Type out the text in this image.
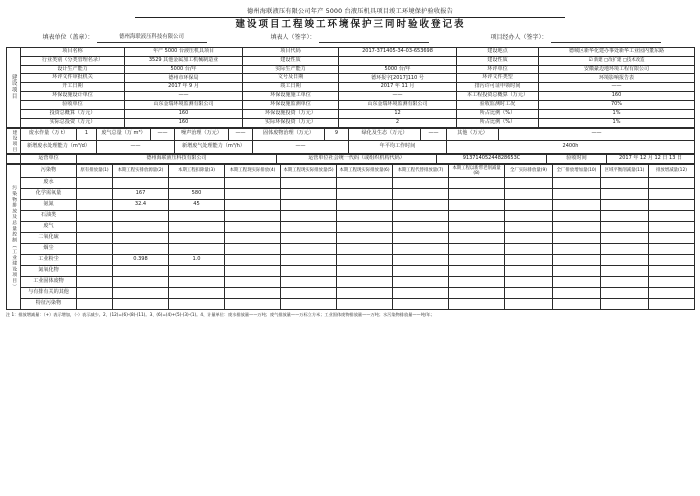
德州海联液压有限公司年产 5000 台液压机具项目竣工环境保护验收报告
建设项目工程竣工环境保护三同时验收登记表						

填表单位（盖章）： 德州海联液压科技有限公司			填表人（签字）：		项目经办人（签字）：	

建设项目	项目名称	年产 5000 台液压机具项目	项目代码	2017-371405-34-03-653698	建设地点	德城区新华化建办事处新华工业园内董东路
	行业类别（分类管理名录）	3529 其他金属加工机械制造业	建设性质		建设性质	☑ 新建 □改扩建 □技术改造
	设计生产能力	5000 台/年	实际生产能力	5000 台/年	环评单位	安徽豪迈地环境工程有限公司
	环评文件审批机关	德州市环保局	文号及日期	德环报字[2017]110 号	环评文件类型	环境影响报告表
	开工日期	2017 年 9 月	竣工日期	2017 年 11 月	排污许可证申领时间	——
	环保设施设计单位	——	环保设施施工单位	——	本工程投资总概算（万元）	160
	验收单位	山东金瑞环境监测有限公司	环保设施监测单位	山东金瑞环境监测有限公司	验收监测时工况	70%
	投资总概算（万元）	160	环保设施投资（万元）	12	所占比例（%）	1%
	实际总投资（万元）	160	实际环保投资（万元）	2	所占比例（%）	1%
建设项目	废水作量（万 t）	1	废气总量（万 m³）	——	噪声治理（万元）	——	固体废物治理（万元）	9	绿化及生态（万元）	——	其他（万元）	——
	新增废水处理能力（m³/d）		——		新增废气处理能力（m³/h）		——		年平均工作时间		2400h	
	运营单位	德州海联液压科技有限公司	运营单位社会统一代码（或组织机构代码）	91371405244828653C	验收时间	2017 年 12 月 12 日 13 日
污染物排放及总量控制（工业建设项目）	污染物	原有排放量(1)	本期工程实排放源量(2)	本期工程扣除量(3)	本期工程现实际排放(4)	本期工程现实际排放量(5)	本期工程现实际排放量(6)	本期工程代替排放量(7)	本期工程以新带老削减量(8)	全厂实际排放量(9)	全厂排放增加量(10)	区域平衡削减量(11)	排放增减量(12)
	废水												
	化学需氧量		167	580									
	氨氮		32.4	45									
	石油类												
	废气												
	二氧化硫												
	烟尘												
	工业粉尘		0.398	1.0									
	氮氧化物												
	工业固体废物												
	与有排有关的其他												
	特征污染物												
注 1：排放增减量：（+）表示增加，（-）表示减少。2、(12)=(6)-(8)-(11)。3、(6)=(4)+(5)-(3)-(1)。4、计量单位：废水排放量——万吨；废气排放量——万标立方米；工业固体废物排放量——万吨；水污染物排放量——吨/年；
